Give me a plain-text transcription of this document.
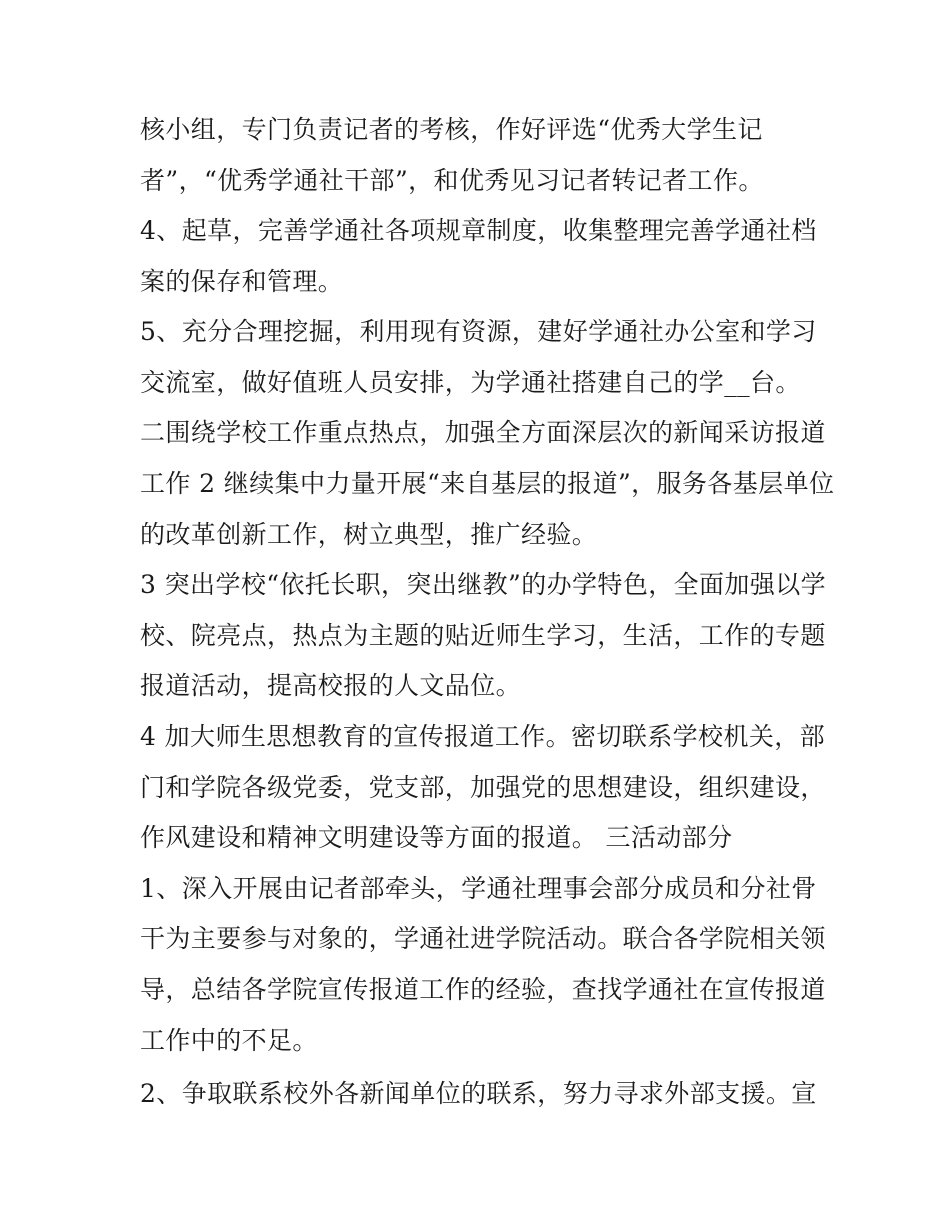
核小组，专门负责记者的考核，作好评选“优秀大学生记
者”，“优秀学通社干部”，和优秀见习记者转记者工作。
4、起草，完善学通社各项规章制度，收集整理完善学通社档
案的保存和管理。
5、充分合理挖掘，利用现有资源，建好学通社办公室和学习
交流室，做好值班人员安排，为学通社搭建自己的学__台。
二围绕学校工作重点热点，加强全方面深层次的新闻采访报道
工作 2 继续集中力量开展“来自基层的报道”，服务各基层单位
的改革创新工作，树立典型，推广经验。
3 突出学校“依托长职，突出继教”的办学特色，全面加强以学
校、院亮点，热点为主题的贴近师生学习，生活，工作的专题
报道活动，提高校报的人文品位。
4 加大师生思想教育的宣传报道工作。密切联系学校机关，部
门和学院各级党委，党支部，加强党的思想建设，组织建设，
作风建设和精神文明建设等方面的报道。 三活动部分
1、深入开展由记者部牵头，学通社理事会部分成员和分社骨
干为主要参与对象的，学通社进学院活动。联合各学院相关领
导，总结各学院宣传报道工作的经验，查找学通社在宣传报道
工作中的不足。
2、争取联系校外各新闻单位的联系，努力寻求外部支援。宣
